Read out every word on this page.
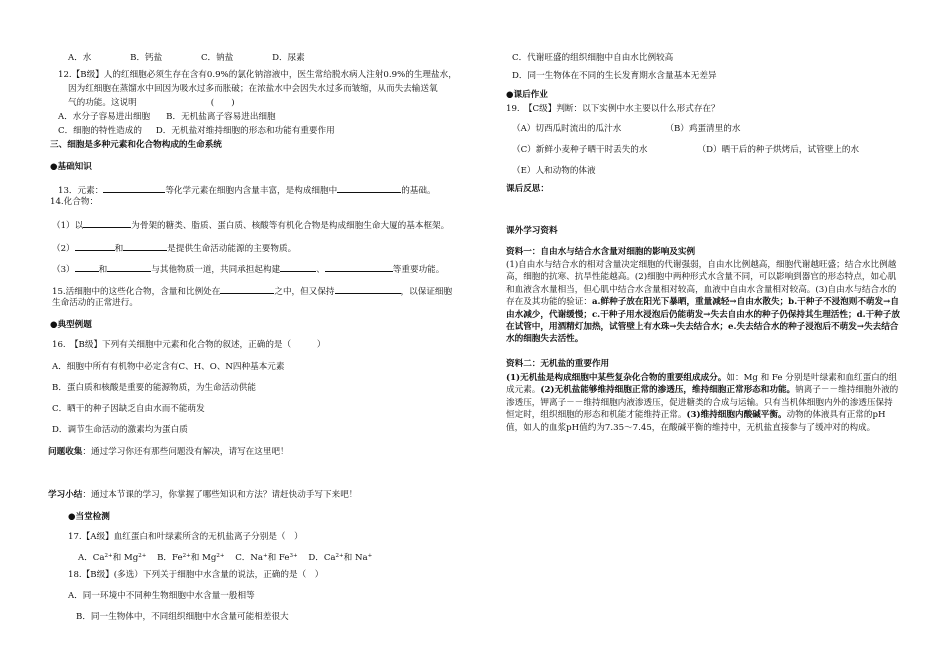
A．水	B．钙盐	C．钠盐	D．尿素
12.【B级】人的红细胞必须生存在含有0.9%的氯化钠溶液中，医生常给脱水病人注射0.9%的生理盐水，
因为红细胞在蒸馏水中回因为吸水过多而胀破；在浓盐水中会因失水过多而皱缩，从而失去输送氧
气的功能。这说明	(　　)
A．水分子容易进出细胞 B．无机盐离子容易进出细胞
C．细胞的特性造成的 D．无机盐对维持细胞的形态和功能有重要作用
三、细胞是多种元素和化合物构成的生命系统
●基础知识
13．元素：	等化学元素在细胞内含量丰富，是构成细胞中	的基础。
14.化合物：
（1）以	为骨架的糖类、脂质、蛋白质、核酸等有机化合物是构成细胞生命大厦的基本框架。
（2）	和	是提供生命活动能源的主要物质。
（3）	和	与其他物质一道，共同承担起构建	、	等重要功能。
15.活细胞中的这些化合物，含量和比例处在	之中，但又保持	，以保证细胞
生命活动的正常进行。
●典型例题
16.　【B级】下列有关细胞中元素和化合物的叙述，正确的是（　　　）
A．细胞中所有有机物中必定含有C、H、O、N四种基本元素
B．蛋白质和核酸是重要的能源物质，为生命活动供能
C．晒干的种子因缺乏自由水而不能萌发
D．调节生命活动的激素均为蛋白质
问题收集：通过学习你还有那些问题没有解决，请写在这里吧！
学习小结：通过本节课的学习，你掌握了哪些知识和方法？请赶快动手写下来吧！
●当堂检测
17.【A级】血红蛋白和叶绿素所含的无机盐离子分别是（　）
A．$Ca^{2+}$和 $Mg^{2+}$ B．$Fe^{2+}$和 $Mg^{2+}$ C．Na+和 $Fe^{3+}$ D．$Ca^{2+}$和 Na+
18.【B级】(多选）下列关于细胞中水含量的说法，正确的是（　）
A．同一环境中不同种生物细胞中水含量一般相等
B．同一生物体中，不同组织细胞中水含量可能相差很大
C．代谢旺盛的组织细胞中自由水比例较高
D．同一生物体在不同的生长发育期水含量基本无差异
●课后作业
19.　【C级】判断：以下实例中水主要以什么形式存在？
（A）切西瓜时流出的瓜汁水	（B）鸡蛋清里的水
（C）新鲜小麦种子晒干时丢失的水	（D）晒干后的种子烘烤后，试管壁上的水
（E）人和动物的体液
课后反思：
课外学习资料
资料一：自由水与结合水含量对细胞的影响及实例
(1)自由水与结合水的相对含量决定细胞的代谢强弱，自由水比例越高，细胞代谢越旺盛；结合水比例越高，细胞的抗寒、抗旱性能越高。(2)细胞中两种形式水含量不同，可以影响到器官的形态特点，如心肌和血液含水量相当，但心肌中结合水含量相对较高，血液中自由水含量相对较高。(3)自由水与结合水的存在及其功能的验证：a.鲜种子放在阳光下暴晒，重量减轻→自由水散失；b.干种子不浸泡则不萌发→自由水减少，代谢缓慢；c.干种子用水浸泡后仍能萌发→失去自由水的种子仍保持其生理活性；d.干种子放在试管中，用酒精灯加热，试管壁上有水珠→失去结合水；e.失去结合水的种子浸泡后不萌发→失去结合水的细胞失去活性。
资料二：无机盐的重要作用
(1)无机盐是构成细胞中某些复杂化合物的重要组成成分。如：Mg 和 Fe 分别是叶绿素和血红蛋白的组成元素。(2)无机盐能够维持细胞正常的渗透压，维持细胞正常形态和功能。钠离子－－维持细胞外液的渗透压，钾离子－－维持细胞内液渗透压，促进糖类的合成与运输。只有当机体细胞内外的渗透压保持恒定时，组织细胞的形态和机能才能维持正常。(3)维持细胞内酸碱平衡。动物的体液具有正常的pH值，如人的血浆pH值约为7.35～7.45，在酸碱平衡的维持中，无机盐直接参与了缓冲对的构成。
